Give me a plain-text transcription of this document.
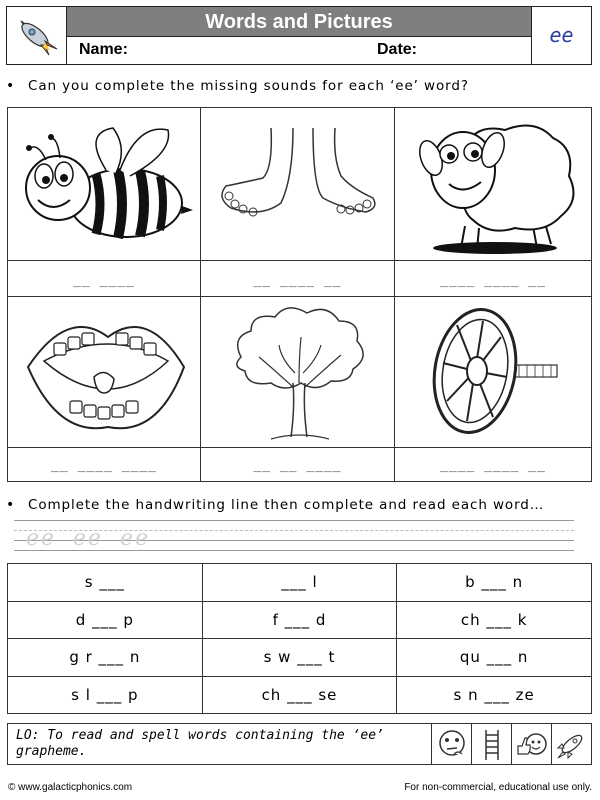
Words and Pictures
Name:	Date:
ee
• Can you complete the missing sounds for each ‘ee’ word?
__ ____	__ ____ __	____ ____ __
__ ____ ____	__ __ ____	____ ____ __
• Complete the handwriting line then complete and read each word…
ee ee ee
s ___	___ l	b ___ n
d ___ p	f ___ d	ch ___ k
g r ___ n	s w ___ t	qu ___ n
s l ___ p	ch ___ se	s n ___ ze
LO: To read and spell words containing the ‘ee’ grapheme.
© www.galacticphonics.com	For non-commercial, educational use only.
